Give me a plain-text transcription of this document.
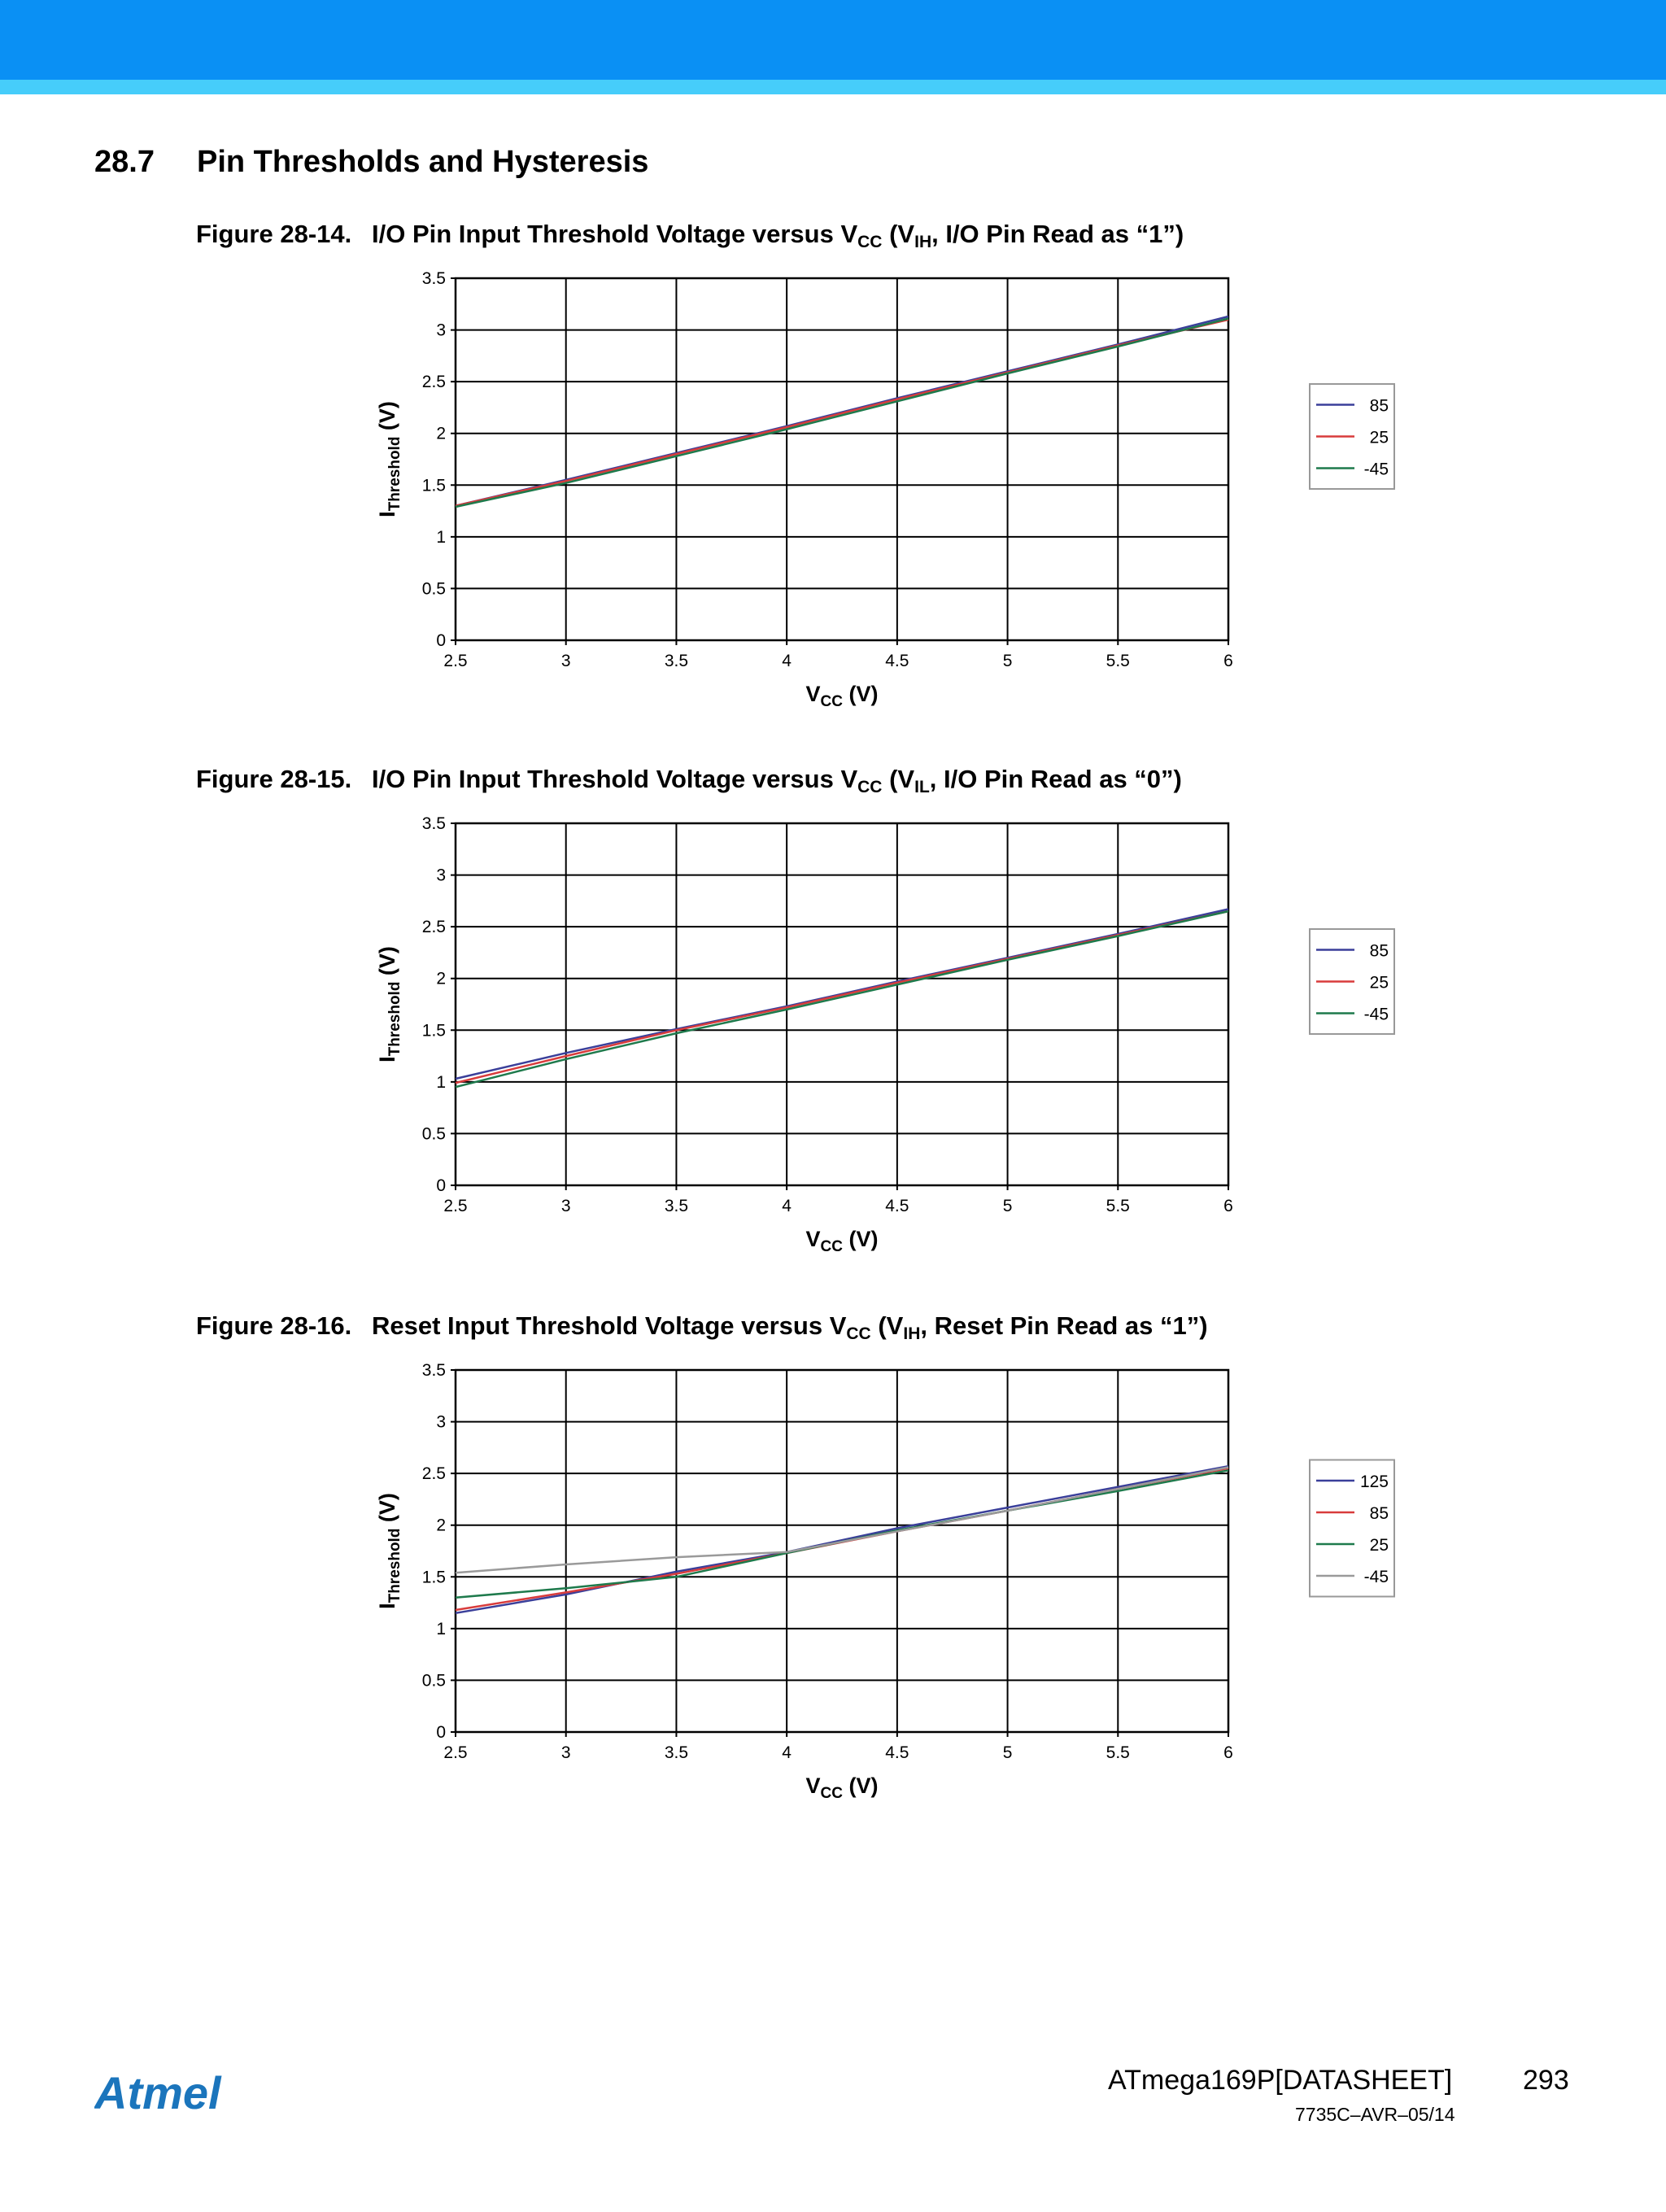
28.7 Pin Thresholds and Hysteresis
Figure 28-14. I/O Pin Input Threshold Voltage versus $V_{CC}$ ($V_{IH}$, I/O Pin Read as “1”)
2.5	3	3.5	4	4.5	5	5.5	6
0
0.5
1
1.5
2
2.5
3
3.5
$V_{CC}$ (V)
$I_{Threshold}$ (V)	85
25
-45
Figure 28-15. I/O Pin Input Threshold Voltage versus $V_{CC}$ ($V_{IL}$, I/O Pin Read as “0”)
2.5	3	3.5	4	4.5	5	5.5	6
0
0.5
1
1.5
2
2.5
3
3.5
$V_{CC}$ (V)
$I_{Threshold}$ (V)	85
25
-45
Figure 28-16. Reset Input Threshold Voltage versus $V_{CC}$ ($V_{IH}$, Reset Pin Read as “1”)
2.5	3	3.5	4	4.5	5	5.5	6
0
0.5
1
1.5
2
2.5
3
3.5
$V_{CC}$ (V)
$I_{Threshold}$ (V)
125
85
25
-45
Atmel	ATmega169P[DATASHEET]	293
7735C–AVR–05/14
